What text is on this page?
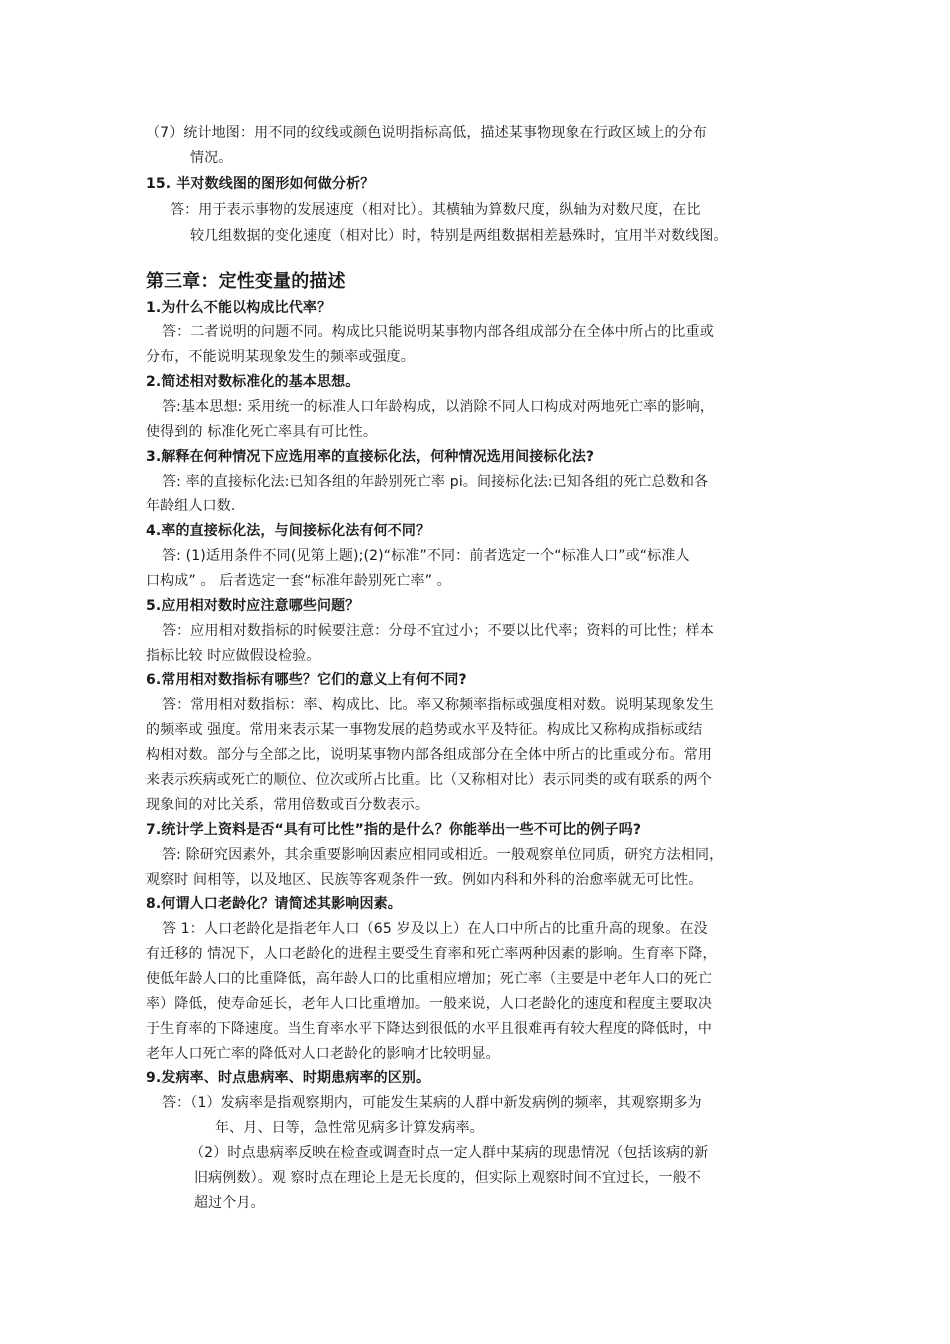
（7）统计地图：用不同的纹线或颜色说明指标高低，描述某事物现象在行政区域上的分布
情况。
15. 半对数线图的图形如何做分析？
答：用于表示事物的发展速度（相对比）。其横轴为算数尺度，纵轴为对数尺度，在比
较几组数据的变化速度（相对比）时，特别是两组数据相差悬殊时，宜用半对数线图。
第三章：定性变量的描述
1.为什么不能以构成比代率？
答：二者说明的问题不同。构成比只能说明某事物内部各组成部分在全体中所占的比重或
分布，不能说明某现象发生的频率或强度。
2.简述相对数标准化的基本思想。
答:基本思想: 采用统一的标准人口年龄构成，以消除不同人口构成对两地死亡率的影响，
使得到的 标准化死亡率具有可比性。
3.解释在何种情况下应选用率的直接标化法，何种情况选用间接标化法?
答: 率的直接标化法:已知各组的年龄别死亡率 pi。间接标化法:已知各组的死亡总数和各
年龄组人口数.
4.率的直接标化法，与间接标化法有何不同？
答: (1)适用条件不同(见第上题);(2)“标准”不同：前者选定一个“标准人口”或“标准人
口构成” 。 后者选定一套“标准年龄别死亡率” 。
5.应用相对数时应注意哪些问题？
答：应用相对数指标的时候要注意：分母不宜过小；不要以比代率；资料的可比性；样本
指标比较 时应做假设检验。
6.常用相对数指标有哪些？它们的意义上有何不同?
答：常用相对数指标：率、构成比、比。率又称频率指标或强度相对数。说明某现象发生
的频率或 强度。常用来表示某一事物发展的趋势或水平及特征。构成比又称构成指标或结
构相对数。部分与全部之比，说明某事物内部各组成部分在全体中所占的比重或分布。常用
来表示疾病或死亡的顺位、位次或所占比重。比（又称相对比）表示同类的或有联系的两个
现象间的对比关系，常用倍数或百分数表示。
7.统计学上资料是否“具有可比性”指的是什么？你能举出一些不可比的例子吗?
答: 除研究因素外，其余重要影响因素应相同或相近。一般观察单位同质，研究方法相同，
观察时 间相等，以及地区、民族等客观条件一致。例如内科和外科的治愈率就无可比性。
8.何谓人口老龄化？请简述其影响因素。
答 1：人口老龄化是指老年人口（65 岁及以上）在人口中所占的比重升高的现象。在没
有迁移的 情况下，人口老龄化的进程主要受生育率和死亡率两种因素的影响。生育率下降，
使低年龄人口的比重降低，高年龄人口的比重相应增加；死亡率（主要是中老年人口的死亡
率）降低，使寿命延长，老年人口比重增加。一般来说，人口老龄化的速度和程度主要取决
于生育率的下降速度。当生育率水平下降达到很低的水平且很难再有较大程度的降低时，中
老年人口死亡率的降低对人口老龄化的影响才比较明显。
9.发病率、时点患病率、时期患病率的区别。
答：（1）发病率是指观察期内，可能发生某病的人群中新发病例的频率，其观察期多为
年、月、日等，急性常见病多计算发病率。
（2）时点患病率反映在检查或调查时点一定人群中某病的现患情况（包括该病的新
旧病例数）。观 察时点在理论上是无长度的，但实际上观察时间不宜过长，一般不
超过个月。
